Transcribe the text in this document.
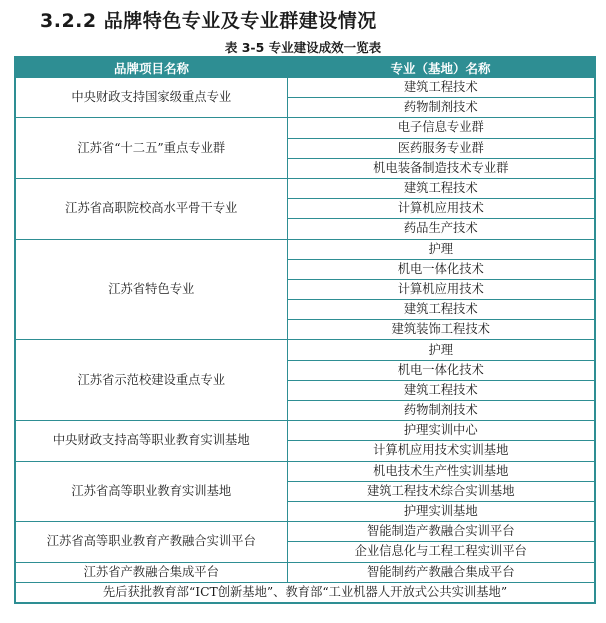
3.2.2 品牌特色专业及专业群建设情况
表 3-5 专业建设成效一览表
品牌项目名称	专业（基地）名称
中央财政支持国家级重点专业	建筑工程技术
	药物制剂技术
江苏省“十二五”重点专业群	电子信息专业群
	医药服务专业群
	机电装备制造技术专业群
江苏省高职院校高水平骨干专业	建筑工程技术
	计算机应用技术
	药品生产技术
江苏省特色专业	护理
	机电一体化技术
	计算机应用技术
	建筑工程技术
	建筑装饰工程技术
江苏省示范校建设重点专业	护理
	机电一体化技术
	建筑工程技术
	药物制剂技术
中央财政支持高等职业教育实训基地	护理实训中心
	计算机应用技术实训基地
江苏省高等职业教育实训基地	机电技术生产性实训基地
	建筑工程技术综合实训基地
	护理实训基地
江苏省高等职业教育产教融合实训平台	智能制造产教融合实训平台
	企业信息化与工程工程实训平台
江苏省产教融合集成平台	智能制药产教融合集成平台
先后获批教育部“ICT创新基地”、教育部“工业机器人开放式公共实训基地”	
